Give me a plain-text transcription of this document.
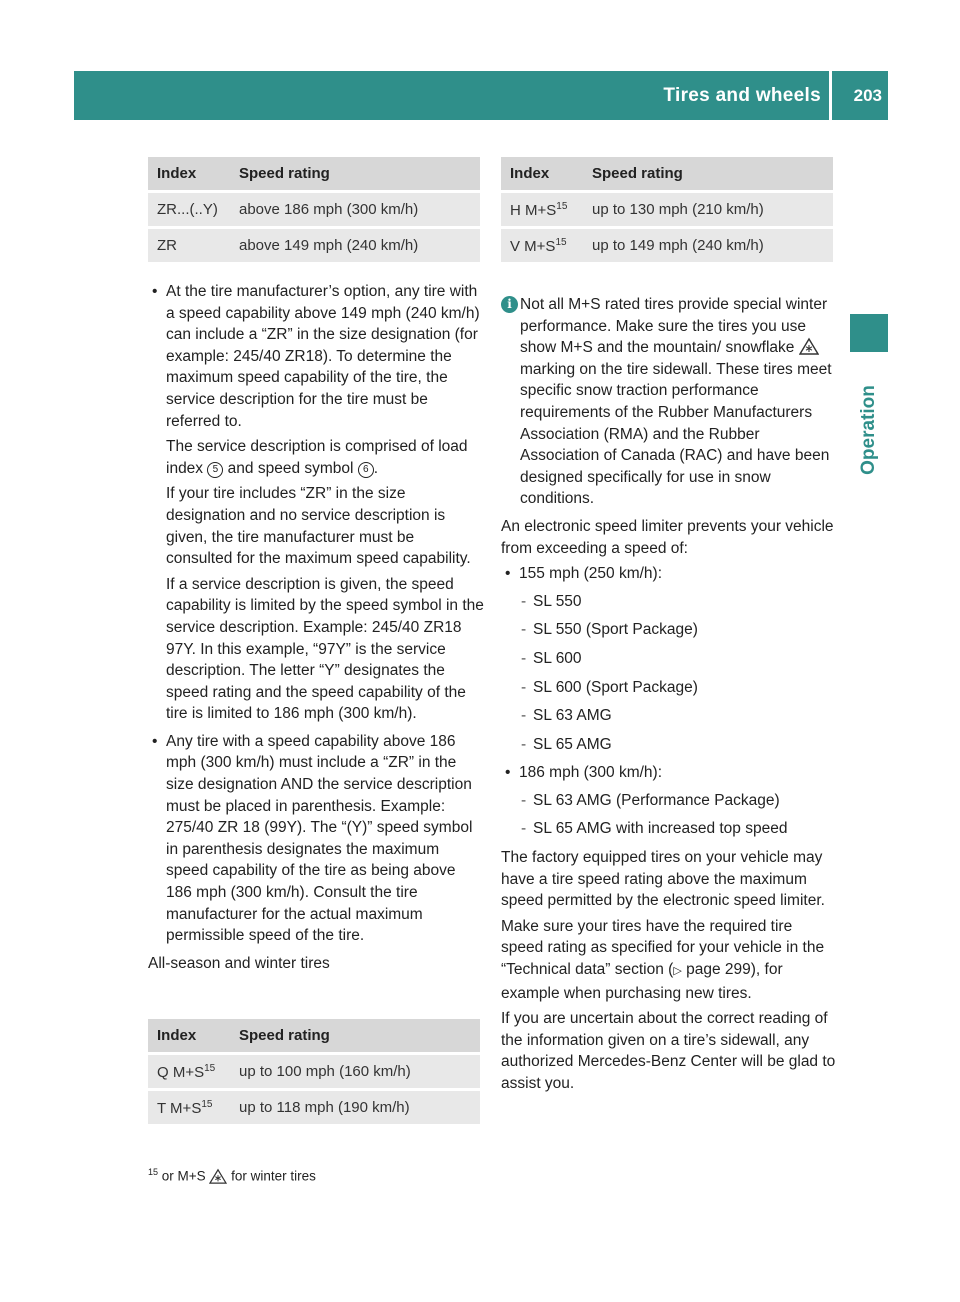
Tires and wheels 203
Operation
Index	Speed rating
ZR...(..Y)	above 186 mph (300 km/h)
ZR	above 149 mph (240 km/h)
• At the tire manufacturer’s option, any tire with a speed capability above 149 mph (240 km/h) can include a “ZR” in the size designation (for example: 245/40 ZR18). To determine the maximum speed capability of the tire, the service description for the tire must be referred to.

The service description is comprised of load index 5 and speed symbol 6 .

If your tire includes “ZR” in the size designation and no service description is given, the tire manufacturer must be consulted for the maximum speed capability.

If a service description is given, the speed capability is limited by the speed symbol in the service description. Example: 245/40 ZR18 97Y. In this example, “97Y” is the service description. The letter “Y” designates the speed rating and the speed capability of the tire is limited to 186 mph (300 km/h).

• Any tire with a speed capability above 186 mph (300 km/h) must include a “ZR” in the size designation AND the service description must be placed in parenthesis. Example: 275/40 ZR 18 (99Y). The “(Y)” speed symbol in parenthesis designates the maximum speed capability of the tire as being above 186 mph (300 km/h). Consult the tire manufacturer for the actual maximum permissible speed of the tire.

All-season and winter tires

Index	Speed rating
Q $M+S^{15}$	up to 100 mph (160 km/h)
T $M+S^{15}$	up to 118 mph (190 km/h)
Index	Speed rating
H $M+S^{15}$	up to 130 mph (210 km/h)
V $M+S^{15}$	up to 149 mph (240 km/h)
i Not all M+S rated tires provide special winter performance. Make sure the tires you use show M+S and the mountain/ snowflake  marking on the tire sidewall. These tires meet specific snow traction performance requirements of the Rubber Manufacturers Association (RMA) and the Rubber Association of Canada (RAC) and have been designed specifically for use in snow conditions.

An electronic speed limiter prevents your vehicle from exceeding a speed of:

• 155 mph (250 km/h):

- SL 550
- SL 550 (Sport Package)
- SL 600
- SL 600 (Sport Package)
- SL 63 AMG
- SL 65 AMG
• 186 mph (300 km/h):

- SL 63 AMG (Performance Package)
- SL 65 AMG with increased top speed

The factory equipped tires on your vehicle may have a tire speed rating above the maximum speed permitted by the electronic speed limiter.

Make sure your tires have the required tire speed rating as specified for your vehicle in the “Technical data” section (▷ page 299), for example when purchasing new tires.

If you are uncertain about the correct reading of the information given on a tire’s sidewall, any authorized Mercedes-Benz Center will be glad to assist you.

$^{15}$ or M+S  for winter tires
